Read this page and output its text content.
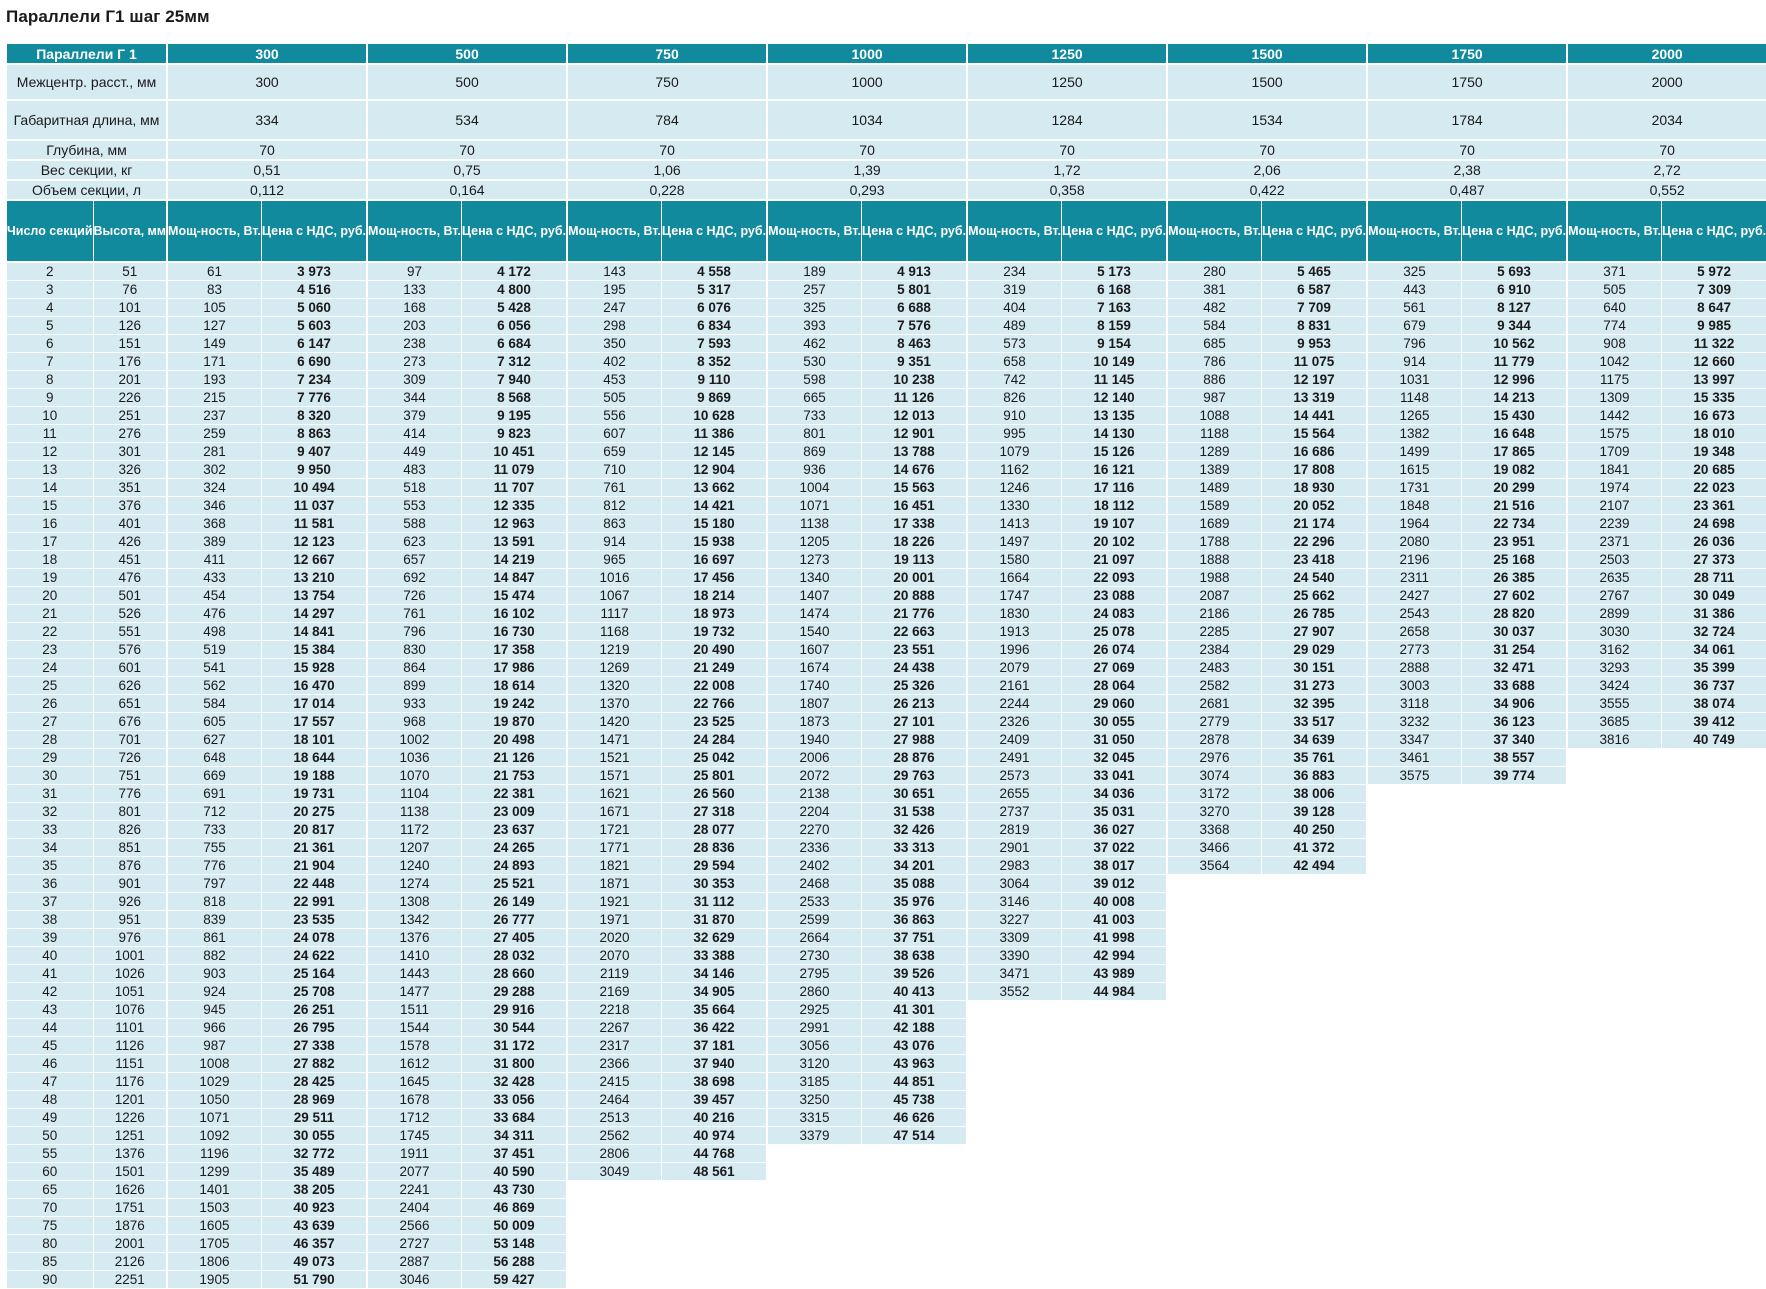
Параллели Г1 шаг 25мм
Параллели Г 1		300		500		750		1000		1250		1500		1750		2000	
Межцентр. расст., мм		300		500		750		1000		1250		1500		1750		2000	
Габаритная длина, мм		334		534		784		1034		1284		1534		1784		2034	
Глубина, мм		70		70		70		70		70		70		70		70	
Вес секции, кг		0,51		0,75		1,06		1,39		1,72		2,06		2,38		2,72	
Объем секции, л		0,112		0,164		0,228		0,293		0,358		0,422		0,487		0,552	
Число секций	Высота, мм	Мощ-ность, Вт.	Цена с НДС, руб.	Мощ-ность, Вт.	Цена с НДС, руб.	Мощ-ность, Вт.	Цена с НДС, руб.	Мощ-ность, Вт.	Цена с НДС, руб.	Мощ-ность, Вт.	Цена с НДС, руб.	Мощ-ность, Вт.	Цена с НДС, руб.	Мощ-ность, Вт.	Цена с НДС, руб.	Мощ-ность, Вт.	Цена с НДС, руб.
2	51	61	3 973	97	4 172	143	4 558	189	4 913	234	5 173	280	5 465	325	5 693	371	5 972
3	76	83	4 516	133	4 800	195	5 317	257	5 801	319	6 168	381	6 587	443	6 910	505	7 309
4	101	105	5 060	168	5 428	247	6 076	325	6 688	404	7 163	482	7 709	561	8 127	640	8 647
5	126	127	5 603	203	6 056	298	6 834	393	7 576	489	8 159	584	8 831	679	9 344	774	9 985
6	151	149	6 147	238	6 684	350	7 593	462	8 463	573	9 154	685	9 953	796	10 562	908	11 322
7	176	171	6 690	273	7 312	402	8 352	530	9 351	658	10 149	786	11 075	914	11 779	1042	12 660
8	201	193	7 234	309	7 940	453	9 110	598	10 238	742	11 145	886	12 197	1031	12 996	1175	13 997
9	226	215	7 776	344	8 568	505	9 869	665	11 126	826	12 140	987	13 319	1148	14 213	1309	15 335
10	251	237	8 320	379	9 195	556	10 628	733	12 013	910	13 135	1088	14 441	1265	15 430	1442	16 673
11	276	259	8 863	414	9 823	607	11 386	801	12 901	995	14 130	1188	15 564	1382	16 648	1575	18 010
12	301	281	9 407	449	10 451	659	12 145	869	13 788	1079	15 126	1289	16 686	1499	17 865	1709	19 348
13	326	302	9 950	483	11 079	710	12 904	936	14 676	1162	16 121	1389	17 808	1615	19 082	1841	20 685
14	351	324	10 494	518	11 707	761	13 662	1004	15 563	1246	17 116	1489	18 930	1731	20 299	1974	22 023
15	376	346	11 037	553	12 335	812	14 421	1071	16 451	1330	18 112	1589	20 052	1848	21 516	2107	23 361
16	401	368	11 581	588	12 963	863	15 180	1138	17 338	1413	19 107	1689	21 174	1964	22 734	2239	24 698
17	426	389	12 123	623	13 591	914	15 938	1205	18 226	1497	20 102	1788	22 296	2080	23 951	2371	26 036
18	451	411	12 667	657	14 219	965	16 697	1273	19 113	1580	21 097	1888	23 418	2196	25 168	2503	27 373
19	476	433	13 210	692	14 847	1016	17 456	1340	20 001	1664	22 093	1988	24 540	2311	26 385	2635	28 711
20	501	454	13 754	726	15 474	1067	18 214	1407	20 888	1747	23 088	2087	25 662	2427	27 602	2767	30 049
21	526	476	14 297	761	16 102	1117	18 973	1474	21 776	1830	24 083	2186	26 785	2543	28 820	2899	31 386
22	551	498	14 841	796	16 730	1168	19 732	1540	22 663	1913	25 078	2285	27 907	2658	30 037	3030	32 724
23	576	519	15 384	830	17 358	1219	20 490	1607	23 551	1996	26 074	2384	29 029	2773	31 254	3162	34 061
24	601	541	15 928	864	17 986	1269	21 249	1674	24 438	2079	27 069	2483	30 151	2888	32 471	3293	35 399
25	626	562	16 470	899	18 614	1320	22 008	1740	25 326	2161	28 064	2582	31 273	3003	33 688	3424	36 737
26	651	584	17 014	933	19 242	1370	22 766	1807	26 213	2244	29 060	2681	32 395	3118	34 906	3555	38 074
27	676	605	17 557	968	19 870	1420	23 525	1873	27 101	2326	30 055	2779	33 517	3232	36 123	3685	39 412
28	701	627	18 101	1002	20 498	1471	24 284	1940	27 988	2409	31 050	2878	34 639	3347	37 340	3816	40 749
29	726	648	18 644	1036	21 126	1521	25 042	2006	28 876	2491	32 045	2976	35 761	3461	38 557		
30	751	669	19 188	1070	21 753	1571	25 801	2072	29 763	2573	33 041	3074	36 883	3575	39 774		
31	776	691	19 731	1104	22 381	1621	26 560	2138	30 651	2655	34 036	3172	38 006				
32	801	712	20 275	1138	23 009	1671	27 318	2204	31 538	2737	35 031	3270	39 128				
33	826	733	20 817	1172	23 637	1721	28 077	2270	32 426	2819	36 027	3368	40 250				
34	851	755	21 361	1207	24 265	1771	28 836	2336	33 313	2901	37 022	3466	41 372				
35	876	776	21 904	1240	24 893	1821	29 594	2402	34 201	2983	38 017	3564	42 494				
36	901	797	22 448	1274	25 521	1871	30 353	2468	35 088	3064	39 012						
37	926	818	22 991	1308	26 149	1921	31 112	2533	35 976	3146	40 008						
38	951	839	23 535	1342	26 777	1971	31 870	2599	36 863	3227	41 003						
39	976	861	24 078	1376	27 405	2020	32 629	2664	37 751	3309	41 998						
40	1001	882	24 622	1410	28 032	2070	33 388	2730	38 638	3390	42 994						
41	1026	903	25 164	1443	28 660	2119	34 146	2795	39 526	3471	43 989						
42	1051	924	25 708	1477	29 288	2169	34 905	2860	40 413	3552	44 984						
43	1076	945	26 251	1511	29 916	2218	35 664	2925	41 301								
44	1101	966	26 795	1544	30 544	2267	36 422	2991	42 188								
45	1126	987	27 338	1578	31 172	2317	37 181	3056	43 076								
46	1151	1008	27 882	1612	31 800	2366	37 940	3120	43 963								
47	1176	1029	28 425	1645	32 428	2415	38 698	3185	44 851								
48	1201	1050	28 969	1678	33 056	2464	39 457	3250	45 738								
49	1226	1071	29 511	1712	33 684	2513	40 216	3315	46 626								
50	1251	1092	30 055	1745	34 311	2562	40 974	3379	47 514								
55	1376	1196	32 772	1911	37 451	2806	44 768										
60	1501	1299	35 489	2077	40 590	3049	48 561										
65	1626	1401	38 205	2241	43 730												
70	1751	1503	40 923	2404	46 869												
75	1876	1605	43 639	2566	50 009												
80	2001	1705	46 357	2727	53 148												
85	2126	1806	49 073	2887	56 288												
90	2251	1905	51 790	3046	59 427												
